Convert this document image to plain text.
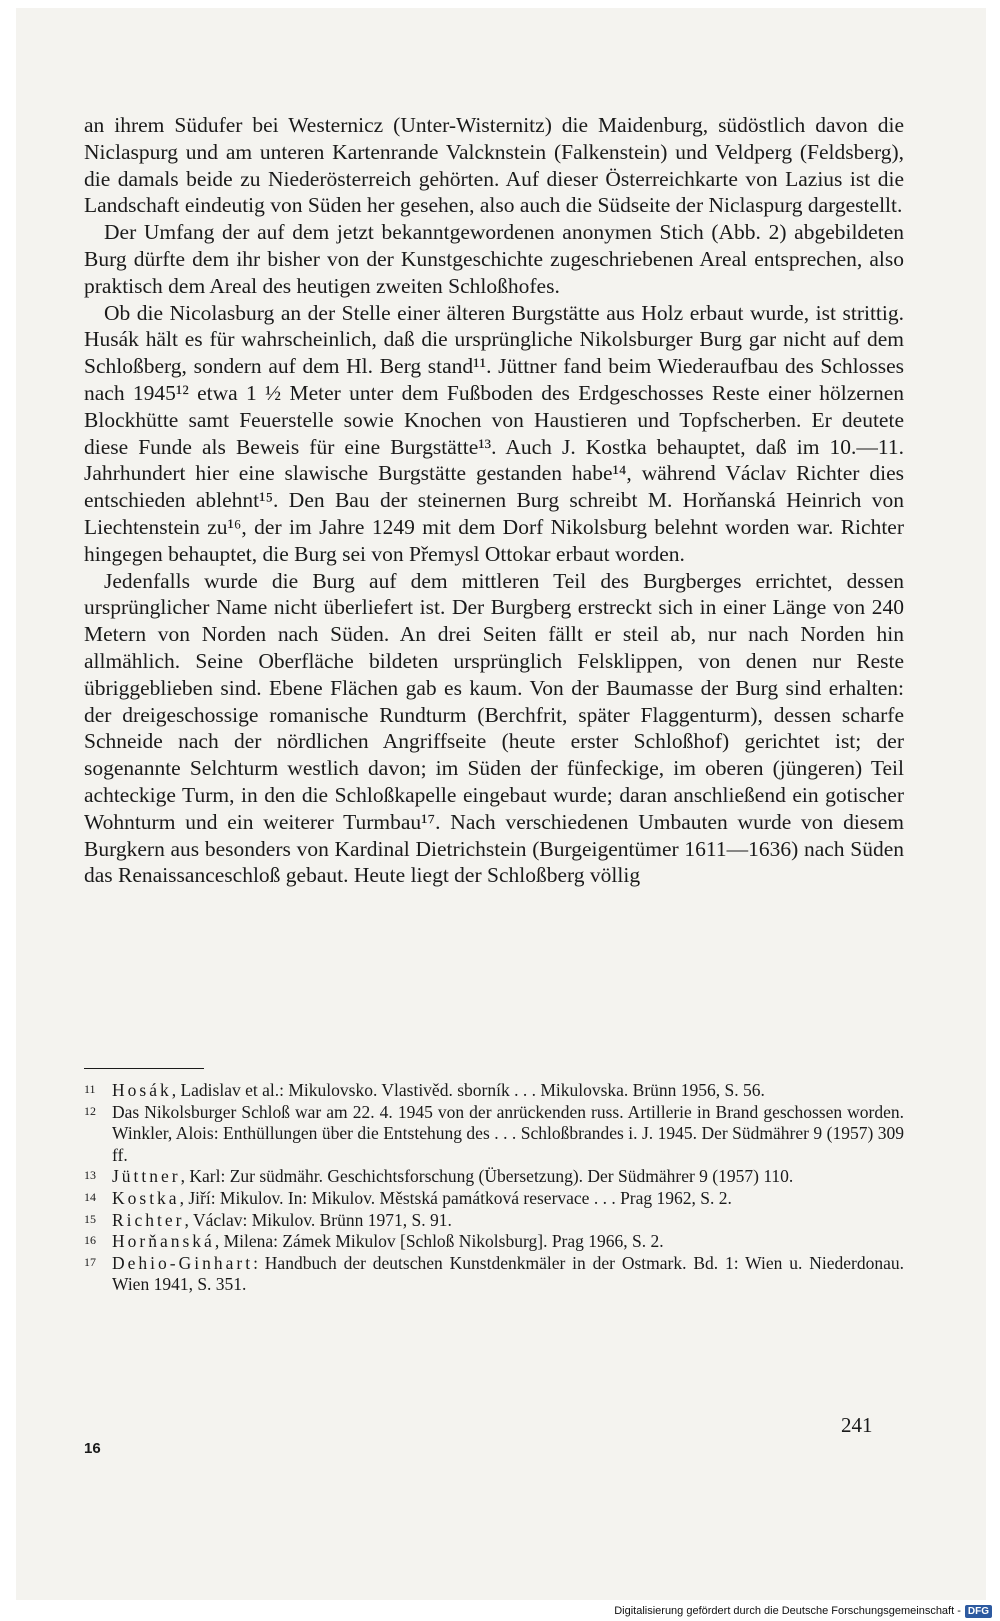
an ihrem Südufer bei Westernicz (Unter-Wisternitz) die Maidenburg, südöstlich davon die Niclaspurg und am unteren Kartenrande Valcknstein (Falkenstein) und Veldperg (Feldsberg), die damals beide zu Niederösterreich gehörten. Auf dieser Österreichkarte von Lazius ist die Landschaft eindeutig von Süden her gesehen, also auch die Südseite der Niclaspurg dargestellt.

Der Umfang der auf dem jetzt bekanntgewordenen anonymen Stich (Abb. 2) abgebildeten Burg dürfte dem ihr bisher von der Kunstgeschichte zugeschriebenen Areal entsprechen, also praktisch dem Areal des heutigen zweiten Schloßhofes.

Ob die Nicolasburg an der Stelle einer älteren Burgstätte aus Holz erbaut wurde, ist strittig. Husák hält es für wahrscheinlich, daß die ursprüngliche Nikolsburger Burg gar nicht auf dem Schloßberg, sondern auf dem Hl. Berg stand¹¹. Jüttner fand beim Wiederaufbau des Schlosses nach 1945¹² etwa 1 ½ Meter unter dem Fußboden des Erdgeschosses Reste einer hölzernen Blockhütte samt Feuerstelle sowie Knochen von Haustieren und Topfscherben. Er deutete diese Funde als Beweis für eine Burgstätte¹³. Auch J. Kostka behauptet, daß im 10.—11. Jahrhundert hier eine slawische Burgstätte gestanden habe¹⁴, während Václav Richter dies entschieden ablehnt¹⁵. Den Bau der steinernen Burg schreibt M. Horňanská Heinrich von Liechtenstein zu¹⁶, der im Jahre 1249 mit dem Dorf Nikolsburg belehnt worden war. Richter hingegen behauptet, die Burg sei von Přemysl Ottokar erbaut worden.

Jedenfalls wurde die Burg auf dem mittleren Teil des Burgberges errichtet, dessen ursprünglicher Name nicht überliefert ist. Der Burgberg erstreckt sich in einer Länge von 240 Metern von Norden nach Süden. An drei Seiten fällt er steil ab, nur nach Norden hin allmählich. Seine Oberfläche bildeten ursprünglich Felsklippen, von denen nur Reste übriggeblieben sind. Ebene Flächen gab es kaum. Von der Baumasse der Burg sind erhalten: der dreigeschossige romanische Rundturm (Berchfrit, später Flaggenturm), dessen scharfe Schneide nach der nördlichen Angriffseite (heute erster Schloßhof) gerichtet ist; der sogenannte Selchturm westlich davon; im Süden der fünfeckige, im oberen (jüngeren) Teil achteckige Turm, in den die Schloßkapelle eingebaut wurde; daran anschließend ein gotischer Wohnturm und ein weiterer Turmbau¹⁷. Nach verschiedenen Umbauten wurde von diesem Burgkern aus besonders von Kardinal Dietrichstein (Burgeigentümer 1611—1636) nach Süden das Renaissanceschloß gebaut. Heute liegt der Schloßberg völlig

11 Hosák, Ladislav et al.: Mikulovsko. Vlastivěd. sborník . . . Mikulovska. Brünn 1956, S. 56.
12 Das Nikolsburger Schloß war am 22. 4. 1945 von der anrückenden russ. Artillerie in Brand geschossen worden. Winkler, Alois: Enthüllungen über die Entstehung des . . . Schloßbrandes i. J. 1945. Der Südmährer 9 (1957) 309 ff.
13 Jüttner, Karl: Zur südmähr. Geschichtsforschung (Übersetzung). Der Südmährer 9 (1957) 110.
14 Kostka, Jiří: Mikulov. In: Mikulov. Městská památková reservace . . . Prag 1962, S. 2.
15 Richter, Václav: Mikulov. Brünn 1971, S. 91.
16 Horňanská, Milena: Zámek Mikulov [Schloß Nikolsburg]. Prag 1966, S. 2.
17 Dehio-Ginhart: Handbuch der deutschen Kunstdenkmäler in der Ostmark. Bd. 1: Wien u. Niederdonau. Wien 1941, S. 351.
241
16
Digitalisierung gefördert durch die Deutsche Forschungsgemeinschaft - DFG
